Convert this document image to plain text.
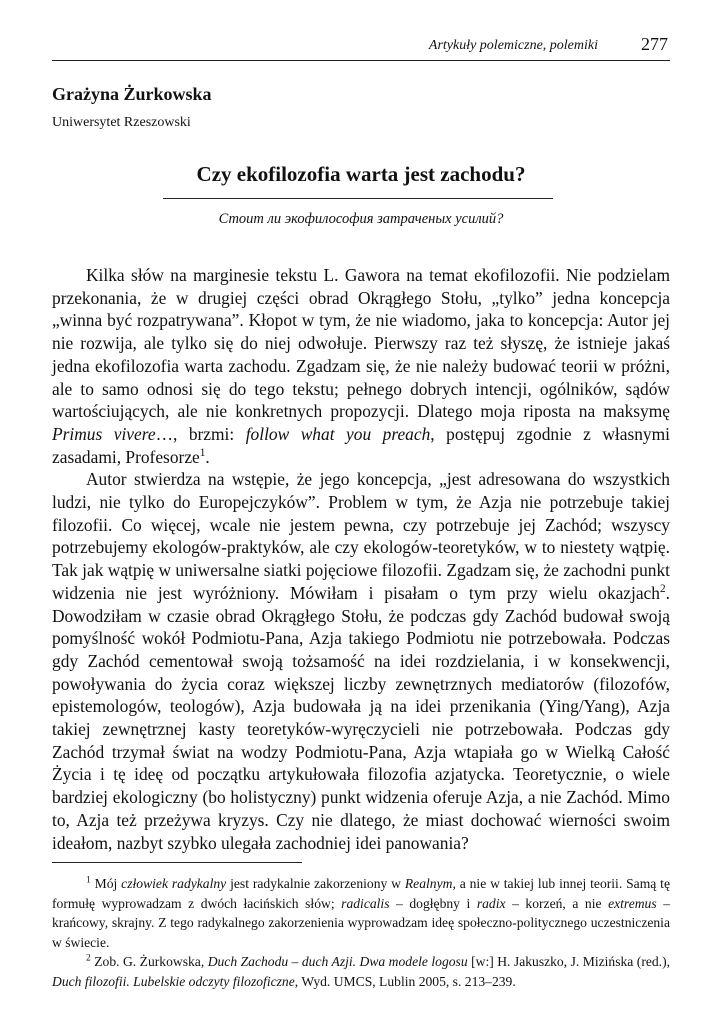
Artykuły polemiczne, polemiki 277
Grażyna Żurkowska
Uniwersytet Rzeszowski
Czy ekofilozofia warta jest zachodu?
Стоит ли экофилософия затраченых усилий?

Kilka słów na marginesie tekstu L. Gawora na temat ekofilozofii. Nie podzielam przekonania, że w drugiej części obrad Okrągłego Stołu, „tylko” jedna koncepcja „winna być rozpatrywana”. Kłopot w tym, że nie wiadomo, jaka to koncepcja: Autor jej nie rozwija, ale tylko się do niej odwołuje. Pierwszy raz też słyszę, że istnieje jakaś jedna ekofilozofia warta zachodu. Zgadzam się, że nie należy budować teorii w próżni, ale to samo odnosi się do tego tekstu; pełnego dobrych intencji, ogólników, sądów wartościujących, ale nie konkretnych propozycji. Dlatego moja riposta na maksymę Primus vivere…, brzmi: follow what you preach, postępuj zgodnie z własnymi zasadami, Profesorze$^1$.

Autor stwierdza na wstępie, że jego koncepcja, „jest adresowana do wszystkich ludzi, nie tylko do Europejczyków”. Problem w tym, że Azja nie potrzebuje takiej filozofii. Co więcej, wcale nie jestem pewna, czy potrzebuje jej Zachód; wszyscy potrzebujemy ekologów-praktyków, ale czy ekologów-teoretyków, w to niestety wątpię. Tak jak wątpię w uniwersalne siatki pojęciowe filozofii. Zgadzam się, że zachodni punkt widzenia nie jest wyróżniony. Mówiłam i pisałam o tym przy wielu okazjach$^2$. Dowodziłam w czasie obrad Okrągłego Stołu, że podczas gdy Zachód budował swoją pomyślność wokół Podmiotu-Pana, Azja takiego Podmiotu nie potrzebowała. Podczas gdy Zachód cementował swoją tożsamość na idei rozdzielania, i w konsekwencji, powoływania do życia coraz większej liczby zewnętrznych mediatorów (filozofów, epistemologów, teologów), Azja budowała ją na idei przenikania (Ying/Yang), Azja takiej zewnętrznej kasty teoretyków-wyręczycieli nie potrzebowała. Podczas gdy Zachód trzymał świat na wodzy Podmiotu-Pana, Azja wtapiała go w Wielką Całość Życia i tę ideę od początku artykułowała filozofia azjatycka. Teoretycznie, o wiele bardziej ekologiczny (bo holistyczny) punkt widzenia oferuje Azja, a nie Zachód. Mimo to, Azja też przeżywa kryzys. Czy nie dlatego, że miast dochować wierności swoim ideałom, nazbyt szybko ulegała zachodniej idei panowania?

$^1$ Mój człowiek radykalny jest radykalnie zakorzeniony w Realnym, a nie w takiej lub innej teorii. Samą tę formułę wyprowadzam z dwóch łacińskich słów; radicalis – dogłębny i radix – korzeń, a nie extremus – krańcowy, skrajny. Z tego radykalnego zakorzenienia wyprowadzam ideę społeczno-politycznego uczestniczenia w świecie.

$^2$ Zob. G. Żurkowska, Duch Zachodu – duch Azji. Dwa modele logosu [w:] H. Jakuszko, J. Mizińska (red.), Duch filozofii. Lubelskie odczyty filozoficzne, Wyd. UMCS, Lublin 2005, s. 213–239.
